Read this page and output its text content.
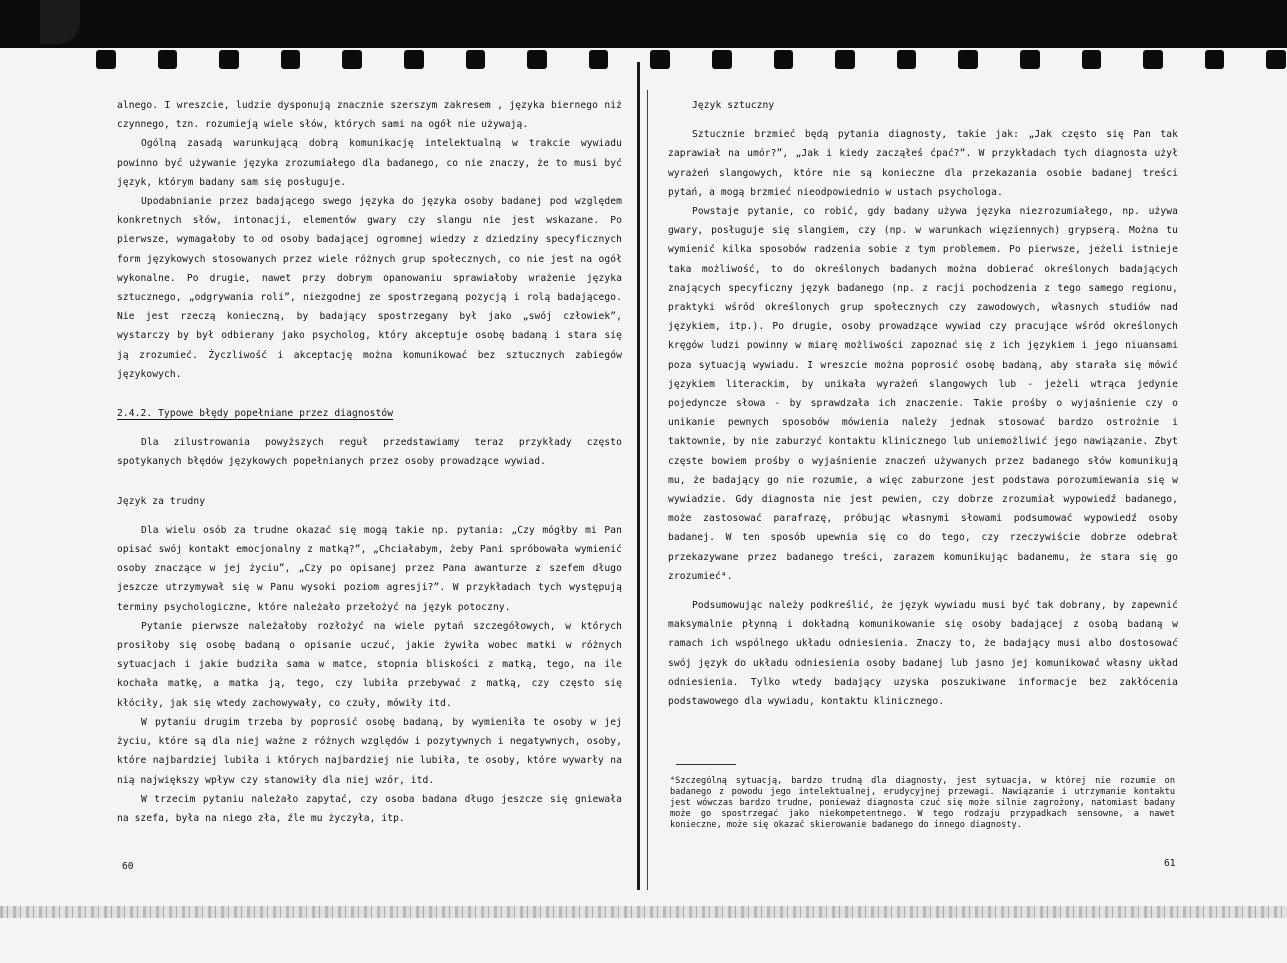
alnego. I wreszcie, ludzie dysponują znacznie szerszym zakresem , języka biernego niż czynnego, tzn. rozumieją wiele słów, których sami na ogół nie używają.

Ogólną zasadą warunkującą dobrą komunikację intelektualną w trakcie wywiadu powinno być używanie języka zrozumiałego dla badanego, co nie znaczy, że to musi być język, którym badany sam się posługuje.

Upodabnianie przez badającego swego języka do języka osoby badanej pod względem konkretnych słów, intonacji, elementów gwary czy slangu nie jest wskazane. Po pierwsze, wymagałoby to od osoby badającej ogromnej wiedzy z dziedziny specyficznych form językowych stosowanych przez wiele różnych grup społecznych, co nie jest na ogół wykonalne. Po drugie, nawet przy dobrym opanowaniu sprawiałoby wrażenie języka sztucznego, „odgrywania roli”, niezgodnej ze spostrzeganą pozycją i rolą badającego. Nie jest rzeczą konieczną, by badający spostrzegany był jako „swój człowiek”, wystarczy by był odbierany jako psycholog, który akceptuje osobę badaną i stara się ją zrozumieć. Życzliwość i akceptację można komunikować bez sztucznych zabiegów językowych.

2.4.2. Typowe błędy popełniane przez diagnostów

Dla zilustrowania powyższych reguł przedstawiamy teraz przykłady często spotykanych błędów językowych popełnianych przez osoby prowadzące wywiad.

Język za trudny

Dla wielu osób za trudne okazać się mogą takie np. pytania: „Czy mógłby mi Pan opisać swój kontakt emocjonalny z matką?”, „Chciałabym, żeby Pani spróbowała wymienić osoby znaczące w jej życiu”, „Czy po opisanej przez Pana awanturze z szefem długo jeszcze utrzymywał się w Panu wysoki poziom agresji?”. W przykładach tych występują terminy psychologiczne, które należało przełożyć na język potoczny.

Pytanie pierwsze należałoby rozłożyć na wiele pytań szczegółowych, w których prosiłoby się osobę badaną o opisanie uczuć, jakie żywiła wobec matki w różnych sytuacjach i jakie budziła sama w matce, stopnia bliskości z matką, tego, na ile kochała matkę, a matka ją, tego, czy lubiła przebywać z matką, czy często się kłóciły, jak się wtedy zachowywały, co czuły, mówiły itd.

W pytaniu drugim trzeba by poprosić osobę badaną, by wymieniła te osoby w jej życiu, które są dla niej ważne z różnych względów i pozytywnych i negatywnych, osoby, które najbardziej lubiła i których najbardziej nie lubiła, te osoby, które wywarły na nią największy wpływ czy stanowiły dla niej wzór, itd.

W trzecim pytaniu należało zapytać, czy osoba badana długo jeszcze się gniewała na szefa, była na niego zła, źle mu życzyła, itp.

60

Język sztuczny

Sztucznie brzmieć będą pytania diagnosty, takie jak: „Jak często się Pan tak zaprawiał na umór?”, „Jak i kiedy zacząłeś ćpać?”. W przykładach tych diagnosta użył wyrażeń slangowych, które nie są konieczne dla przekazania osobie badanej treści pytań, a mogą brzmieć nieodpowiednio w ustach psychologa.

Powstaje pytanie, co robić, gdy badany używa języka niezrozumiałego, np. używa gwary, posługuje się slangiem, czy (np. w warunkach więziennych) grypserą. Można tu wymienić kilka sposobów radzenia sobie z tym problemem. Po pierwsze, jeżeli istnieje taka możliwość, to do określonych badanych można dobierać określonych badających znających specyficzny język badanego (np. z racji pochodzenia z tego samego regionu, praktyki wśród określonych grup społecznych czy zawodowych, własnych studiów nad językiem, itp.). Po drugie, osoby prowadzące wywiad czy pracujące wśród określonych kręgów ludzi powinny w miarę możliwości zapoznać się z ich językiem i jego niuansami poza sytuacją wywiadu. I wreszcie można poprosić osobę badaną, aby starała się mówić językiem literackim, by unikała wyrażeń slangowych lub - jeżeli wtrąca jedynie pojedyncze słowa - by sprawdzała ich znaczenie. Takie prośby o wyjaśnienie czy o unikanie pewnych sposobów mówienia należy jednak stosować bardzo ostrożnie i taktownie, by nie zaburzyć kontaktu klinicznego lub uniemożliwić jego nawiązanie. Zbyt częste bowiem prośby o wyjaśnienie znaczeń używanych przez badanego słów komunikują mu, że badający go nie rozumie, a więc zaburzone jest podstawa porozumiewania się w wywiadzie. Gdy diagnosta nie jest pewien, czy dobrze zrozumiał wypowiedź badanego, może zastosować parafrazę, próbując własnymi słowami podsumować wypowiedź osoby badanej. W ten sposób upewnia się co do tego, czy rzeczywiście dobrze odebrał przekazywane przez badanego treści, zarazem komunikując badanemu, że stara się go zrozumieć⁴.

Podsumowując należy podkreślić, że język wywiadu musi być tak dobrany, by zapewnić maksymalnie płynną i dokładną komunikowanie się osoby badającej z osobą badaną w ramach ich wspólnego układu odniesienia. Znaczy to, że badający musi albo dostosować swój język do układu odniesienia osoby badanej lub jasno jej komunikować własny układ odniesienia. Tylko wtedy badający uzyska poszukiwane informacje bez zakłócenia podstawowego dla wywiadu, kontaktu klinicznego.

⁴Szczególną sytuacją, bardzo trudną dla diagnosty, jest sytuacja, w której nie rozumie on badanego z powodu jego intelektualnej, erudycyjnej przewagi. Nawiązanie i utrzymanie kontaktu jest wówczas bardzo trudne, ponieważ diagnosta czuć się może silnie zagrożony, natomiast badany może go spostrzegać jako niekompetentnego. W tego rodzaju przypadkach sensowne, a nawet konieczne, może się okazać skierowanie badanego do innego diagnosty.
61
